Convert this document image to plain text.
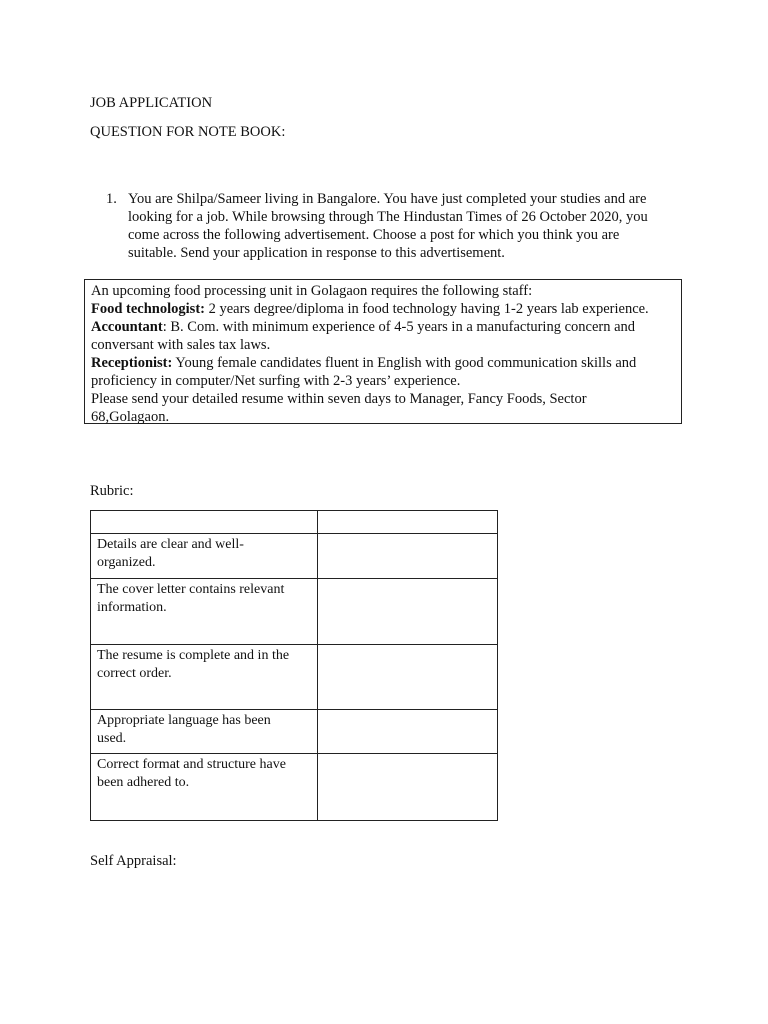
JOB APPLICATION

QUESTION FOR NOTE BOOK:

1. You are Shilpa/Sameer living in Bangalore. You have just completed your studies and are
looking for a job. While browsing through The Hindustan Times of 26 October 2020, you
come across the following advertisement. Choose a post for which you think you are
suitable. Send your application in response to this advertisement.
An upcoming food processing unit in Golagaon requires the following staff:
Food technologist: 2 years degree/diploma in food technology having 1-2 years lab experience.
Accountant: B. Com. with minimum experience of 4-5 years in a manufacturing concern and
conversant with sales tax laws.
Receptionist: Young female candidates fluent in English with good communication skills and
proficiency in computer/Net surfing with 2-3 years’ experience.
Please send your detailed resume within seven days to Manager, Fancy Foods, Sector
68,Golagaon.

Rubric:

Details are clear and well-
organized.	

The cover letter contains relevant
information.	

The resume is complete and in the
correct order.	

Appropriate language has been
used.	

Correct format and structure have
been adhered to.	

Self Appraisal:
